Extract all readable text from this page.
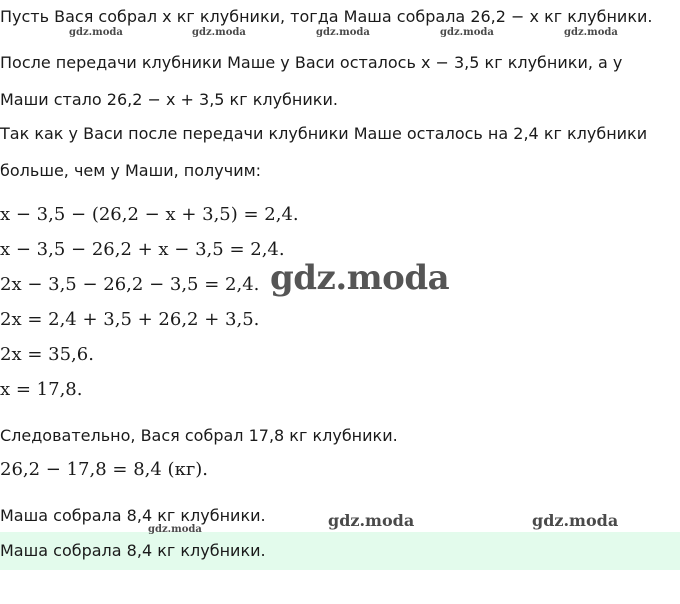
Пусть Вася собрал x кг клубники, тогда Маша собрала 26,2 − x кг клубники.
После передачи клубники Маше у Васи осталось x − 3,5 кг клубники, а у
Маши стало 26,2 − x + 3,5 кг клубники.
Так как у Васи после передачи клубники Маше осталось на 2,4 кг клубники
больше, чем у Маши, получим:
x − 3,5 − (26,2 − x + 3,5) = 2,4.
x − 3,5 − 26,2 + x − 3,5 = 2,4.
2x − 3,5 − 26,2 − 3,5 = 2,4.
2x = 2,4 + 3,5 + 26,2 + 3,5.
2x = 35,6.
x = 17,8.
Следовательно, Вася собрал 17,8 кг клубники.
26,2 − 17,8 = 8,4 (кг).
Маша собрала 8,4 кг клубники.
Маша собрала 8,4 кг клубники.
gdz.moda	gdz.moda	gdz.moda	gdz.moda	gdz.moda
gdz.moda
gdz.moda	gdz.moda
gdz.moda
